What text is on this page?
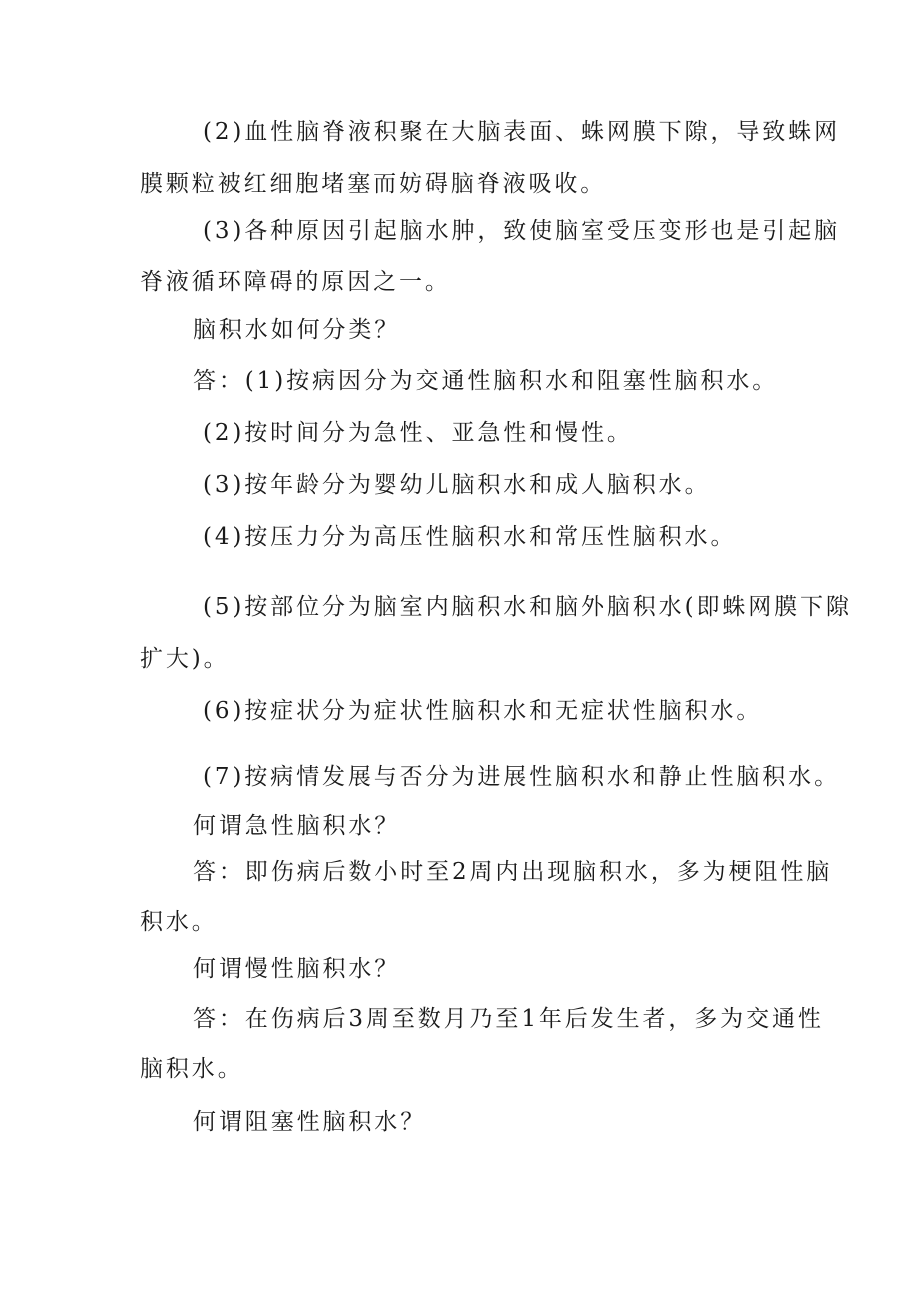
(2)血性脑脊液积聚在大脑表面、蛛网膜下隙，导致蛛网
膜颗粒被红细胞堵塞而妨碍脑脊液吸收。
(3)各种原因引起脑水肿，致使脑室受压变形也是引起脑
脊液循环障碍的原因之一。
脑积水如何分类？
答：(1)按病因分为交通性脑积水和阻塞性脑积水。
(2)按时间分为急性、亚急性和慢性。
(3)按年龄分为婴幼儿脑积水和成人脑积水。
(4)按压力分为高压性脑积水和常压性脑积水。
(5)按部位分为脑室内脑积水和脑外脑积水(即蛛网膜下隙
扩大)。
(6)按症状分为症状性脑积水和无症状性脑积水。
(7)按病情发展与否分为进展性脑积水和静止性脑积水。
何谓急性脑积水？
答：即伤病后数小时至2周内出现脑积水，多为梗阻性脑
积水。
何谓慢性脑积水？
答：在伤病后3周至数月乃至1年后发生者，多为交通性
脑积水。
何谓阻塞性脑积水？
